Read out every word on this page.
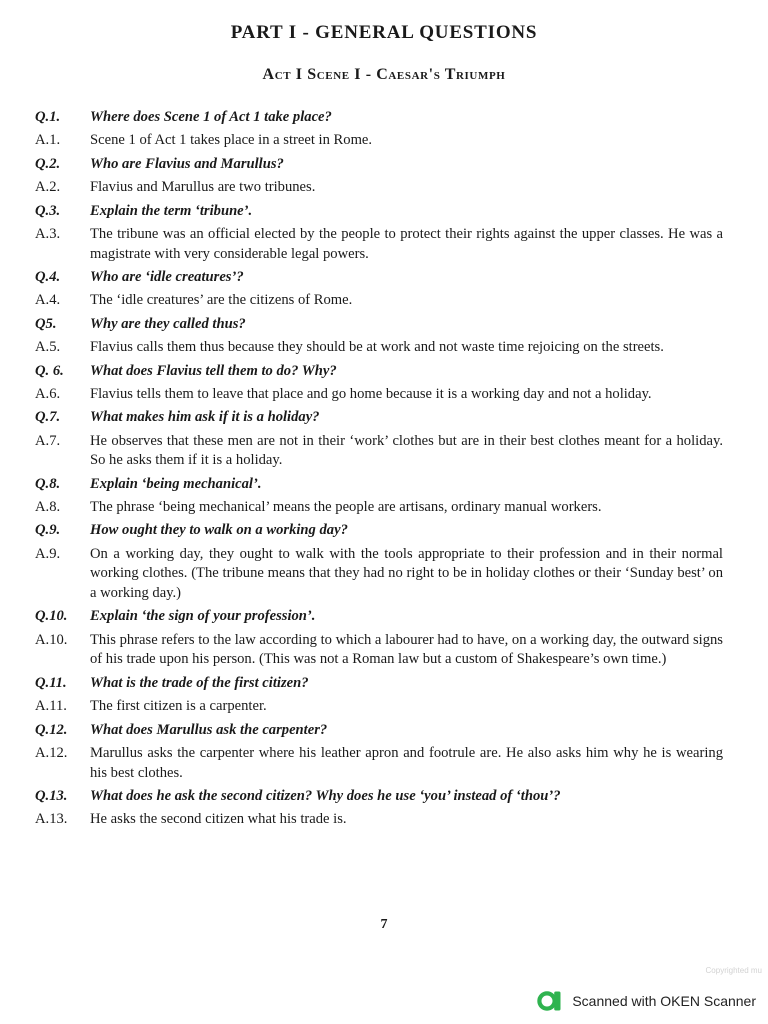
PART I - GENERAL QUESTIONS
Act I Scene I - Caesar's Triumph
Q.1.	Where does Scene 1 of Act 1 take place?
A.1.	Scene 1 of Act 1 takes place in a street in Rome.
Q.2.	Who are Flavius and Marullus?
A.2.	Flavius and Marullus are two tribunes.
Q.3.	Explain the term ‘tribune’.
A.3.	The tribune was an official elected by the people to protect their rights against the upper classes. He was a magistrate with very considerable legal powers.
Q.4.	Who are ‘idle creatures’?
A.4.	The ‘idle creatures’ are the citizens of Rome.
Q5.	Why are they called thus?
A.5.	Flavius calls them thus because they should be at work and not waste time rejoicing on the streets.
Q. 6.	What does Flavius tell them to do? Why?
A.6.	Flavius tells them to leave that place and go home because it is a working day and not a holiday.
Q.7.	What makes him ask if it is a holiday?
A.7.	He observes that these men are not in their ‘work’ clothes but are in their best clothes meant for a holiday. So he asks them if it is a holiday.
Q.8.	Explain ‘being mechanical’.
A.8.	The phrase ‘being mechanical’ means the people are artisans, ordinary manual workers.
Q.9.	How ought they to walk on a working day?
A.9.	On a working day, they ought to walk with the tools appropriate to their profession and in their normal working clothes. (The tribune means that they had no right to be in holiday clothes or their ‘Sunday best’ on a working day.)
Q.10.	Explain ‘the sign of your profession’.
A.10.	This phrase refers to the law according to which a labourer had to have, on a working day, the outward signs of his trade upon his person. (This was not a Roman law but a custom of Shakespeare’s own time.)
Q.11.	What is the trade of the first citizen?
A.11.	The first citizen is a carpenter.
Q.12.	What does Marullus ask the carpenter?
A.12.	Marullus asks the carpenter where his leather apron and footrule are. He also asks him why he is wearing his best clothes.
Q.13.	What does he ask the second citizen? Why does he use ‘you’ instead of ‘thou’?
A.13.	He asks the second citizen what his trade is.
7
Copyrighted mu
Scanned with OKEN Scanner
